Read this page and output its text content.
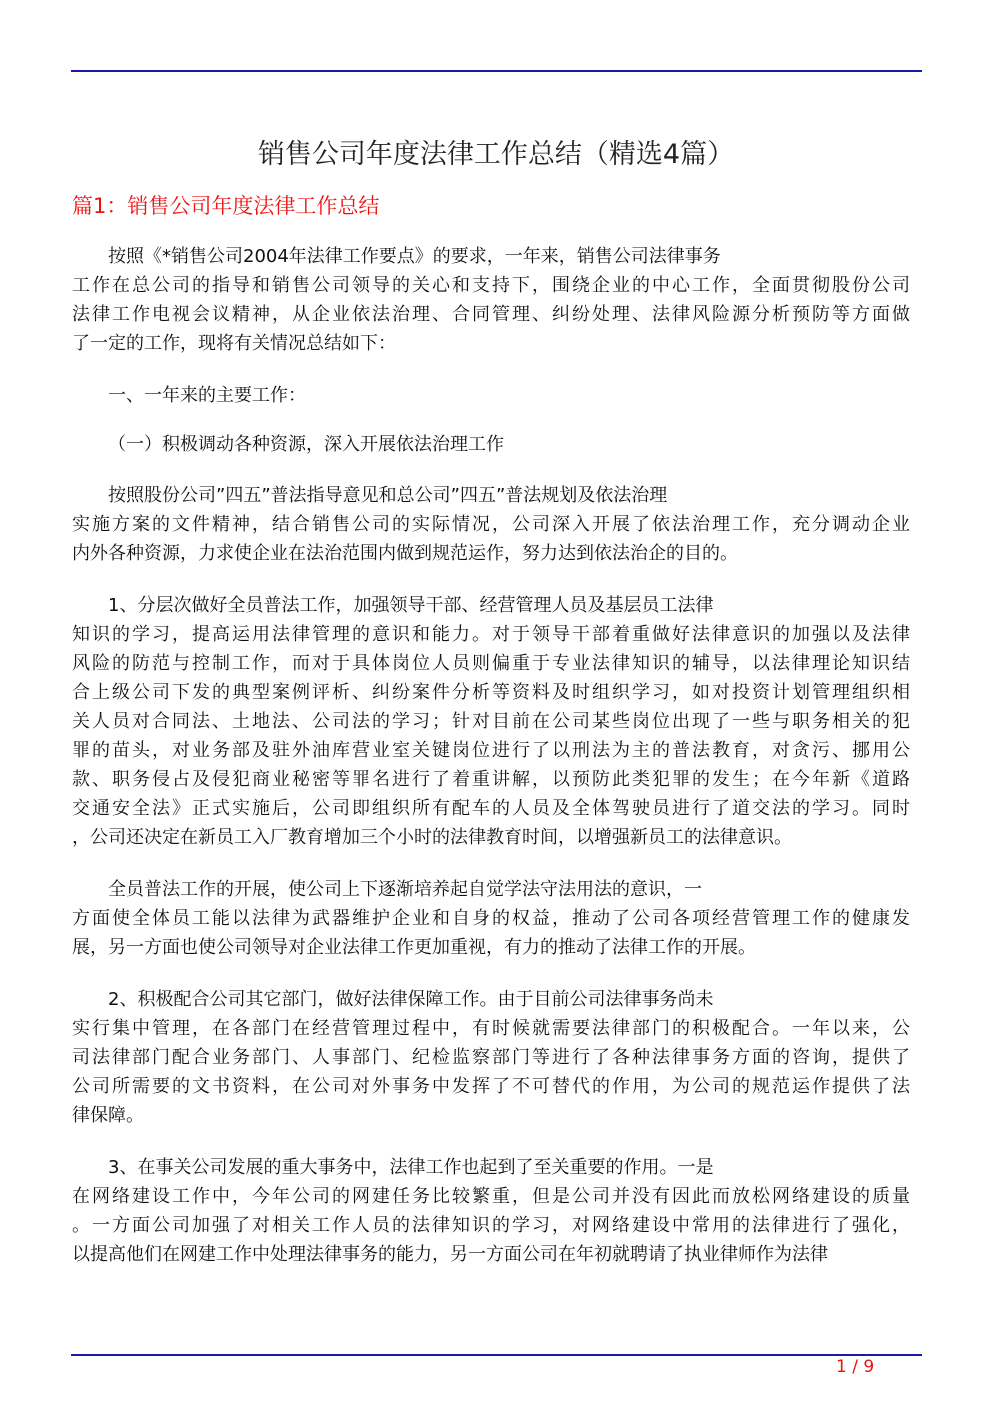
销售公司年度法律工作总结（精选4篇）
篇1：销售公司年度法律工作总结
按照《*销售公司2004年法律工作要点》的要求，一年来，销售公司法律事务
工作在总公司的指导和销售公司领导的关心和支持下，围绕企业的中心工作，全面贯彻股份公司
法律工作电视会议精神，从企业依法治理、合同管理、纠纷处理、法律风险源分析预防等方面做
了一定的工作，现将有关情况总结如下：
一、一年来的主要工作：
（一）积极调动各种资源，深入开展依法治理工作
按照股份公司”四五”普法指导意见和总公司”四五”普法规划及依法治理
实施方案的文件精神，结合销售公司的实际情况，公司深入开展了依法治理工作，充分调动企业
内外各种资源，力求使企业在法治范围内做到规范运作，努力达到依法治企的目的。
1、分层次做好全员普法工作，加强领导干部、经营管理人员及基层员工法律
知识的学习，提高运用法律管理的意识和能力。对于领导干部着重做好法律意识的加强以及法律
风险的防范与控制工作，而对于具体岗位人员则偏重于专业法律知识的辅导，以法律理论知识结
合上级公司下发的典型案例评析、纠纷案件分析等资料及时组织学习，如对投资计划管理组织相
关人员对合同法、土地法、公司法的学习；针对目前在公司某些岗位出现了一些与职务相关的犯
罪的苗头，对业务部及驻外油库营业室关键岗位进行了以刑法为主的普法教育，对贪污、挪用公
款、职务侵占及侵犯商业秘密等罪名进行了着重讲解，以预防此类犯罪的发生；在今年新《道路
交通安全法》正式实施后，公司即组织所有配车的人员及全体驾驶员进行了道交法的学习。同时
，公司还决定在新员工入厂教育增加三个小时的法律教育时间，以增强新员工的法律意识。
全员普法工作的开展，使公司上下逐渐培养起自觉学法守法用法的意识，一
方面使全体员工能以法律为武器维护企业和自身的权益，推动了公司各项经营管理工作的健康发
展，另一方面也使公司领导对企业法律工作更加重视，有力的推动了法律工作的开展。
2、积极配合公司其它部门，做好法律保障工作。由于目前公司法律事务尚未
实行集中管理，在各部门在经营管理过程中，有时候就需要法律部门的积极配合。一年以来，公
司法律部门配合业务部门、人事部门、纪检监察部门等进行了各种法律事务方面的咨询，提供了
公司所需要的文书资料，在公司对外事务中发挥了不可替代的作用，为公司的规范运作提供了法
律保障。
3、在事关公司发展的重大事务中，法律工作也起到了至关重要的作用。一是
在网络建设工作中，今年公司的网建任务比较繁重，但是公司并没有因此而放松网络建设的质量
。一方面公司加强了对相关工作人员的法律知识的学习，对网络建设中常用的法律进行了强化，
以提高他们在网建工作中处理法律事务的能力，另一方面公司在年初就聘请了执业律师作为法律
1 / 9
